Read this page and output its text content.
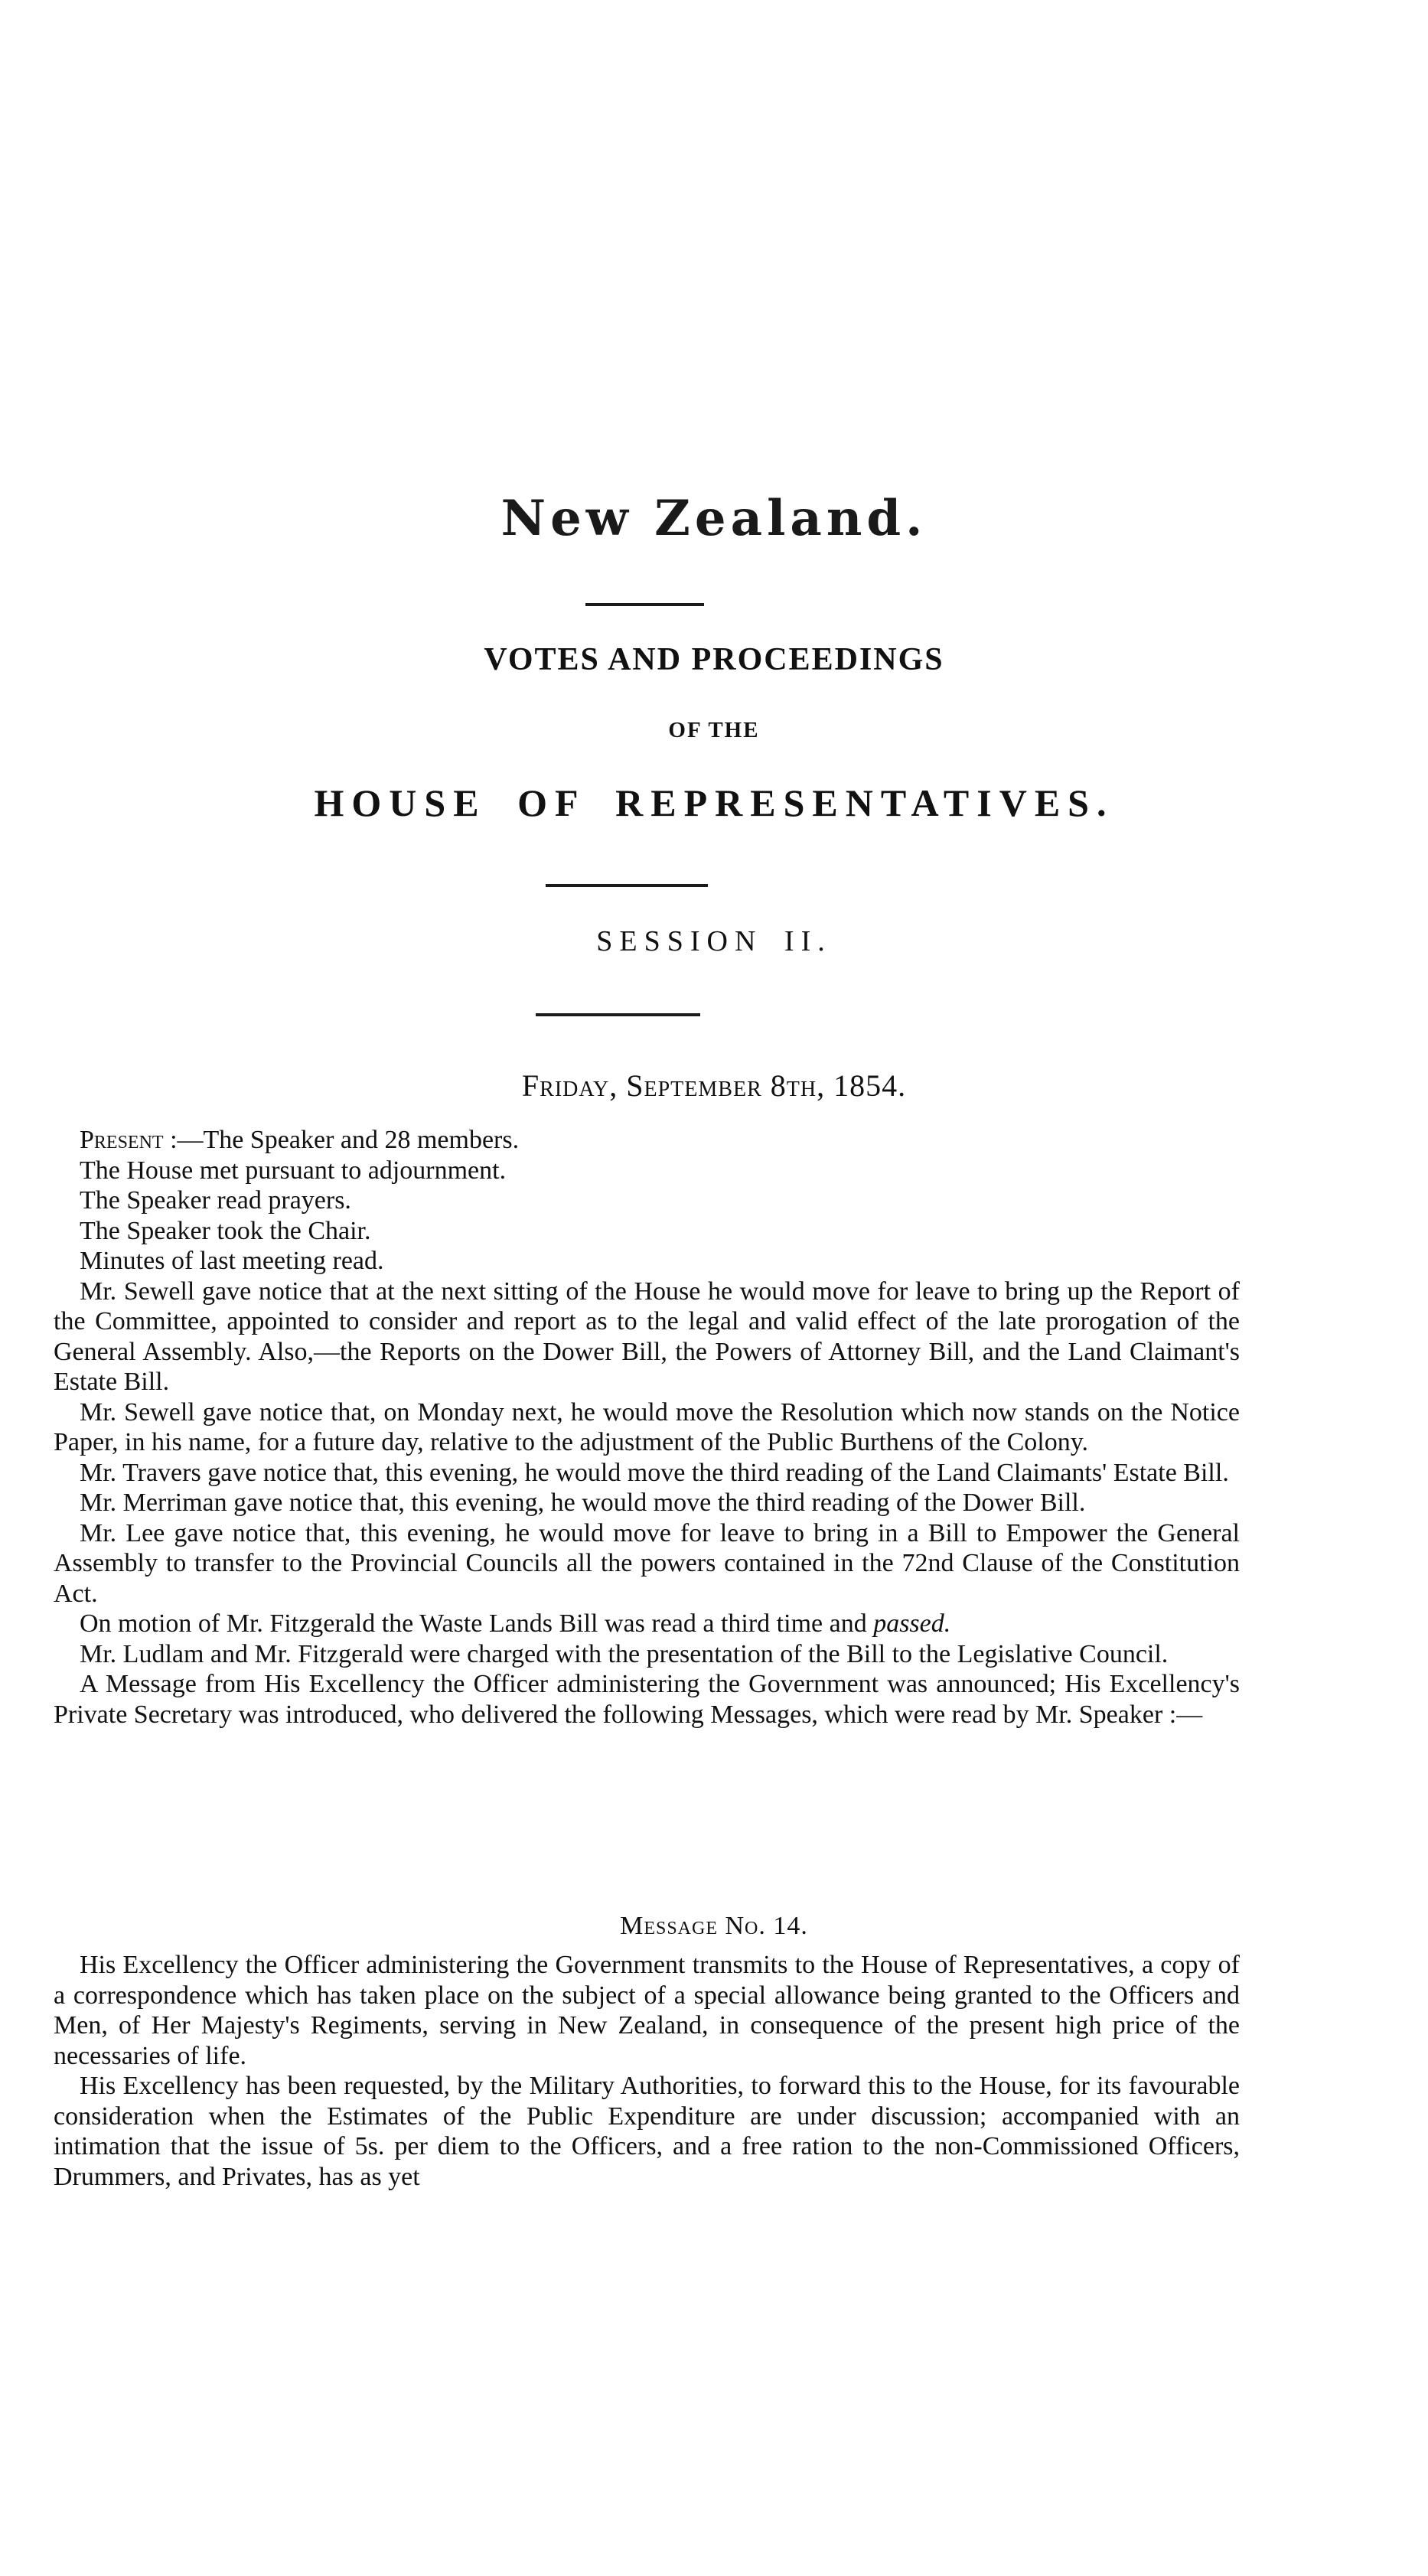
New Zealand.
VOTES AND PROCEEDINGS
OF THE
HOUSE OF REPRESENTATIVES.
SESSION II.
Friday, September 8th, 1854.

Present :—The Speaker and 28 members.

The House met pursuant to adjournment.

The Speaker read prayers.

The Speaker took the Chair.

Minutes of last meeting read.

Mr. Sewell gave notice that at the next sitting of the House he would move for leave to bring up the Report of the Committee, appointed to consider and report as to the legal and valid effect of the late prorogation of the General Assembly. Also,—the Reports on the Dower Bill, the Powers of Attorney Bill, and the Land Claimant's Estate Bill.

Mr. Sewell gave notice that, on Monday next, he would move the Resolution which now stands on the Notice Paper, in his name, for a future day, relative to the adjustment of the Public Burthens of the Colony.

Mr. Travers gave notice that, this evening, he would move the third reading of the Land Claimants' Estate Bill.

Mr. Merriman gave notice that, this evening, he would move the third reading of the Dower Bill.

Mr. Lee gave notice that, this evening, he would move for leave to bring in a Bill to Empower the General Assembly to transfer to the Provincial Councils all the powers contained in the 72nd Clause of the Constitution Act.

On motion of Mr. Fitzgerald the Waste Lands Bill was read a third time and passed.

Mr. Ludlam and Mr. Fitzgerald were charged with the presentation of the Bill to the Legislative Council.

A Message from His Excellency the Officer administering the Government was announced; His Excellency's Private Secretary was introduced, who delivered the following Messages, which were read by Mr. Speaker :—

Message No. 14.

His Excellency the Officer administering the Government transmits to the House of Representatives, a copy of a correspondence which has taken place on the subject of a special allowance being granted to the Officers and Men, of Her Majesty's Regiments, serving in New Zealand, in consequence of the present high price of the necessaries of life.

His Excellency has been requested, by the Military Authorities, to forward this to the House, for its favourable consideration when the Estimates of the Public Expenditure are under discussion; accompanied with an intimation that the issue of 5s. per diem to the Officers, and a free ration to the non-Commissioned Officers, Drummers, and Privates, has as yet
